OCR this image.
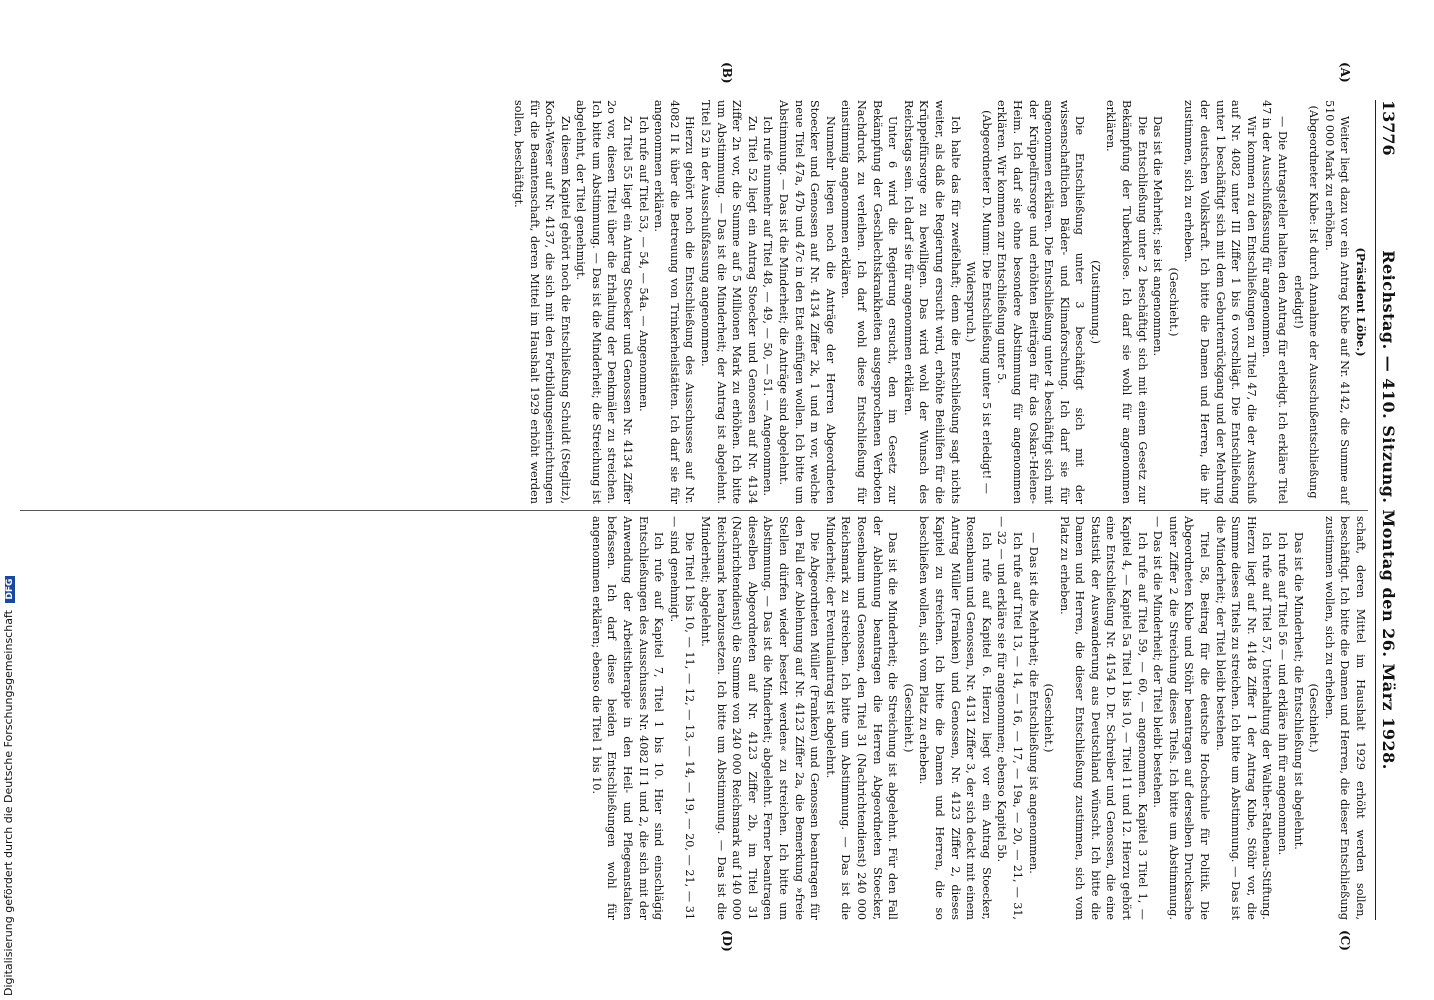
13776
Reichstag. — 410. Sitzung. Montag den 26. März 1928.
(A)
(B)
(C)
(D)

(Präsident Löbe.)

Weiter liegt dazu vor ein Antrag Kube auf Nr. 4142, die Summe auf 510 000 Mark zu erhöhen.

(Abgeordneter Kube: Ist durch Annahme der Ausschußentschließung erledigt!)

— Die Antragsteller halten den Antrag für erledigt. Ich erkläre Titel 47 in der Ausschußfassung für angenommen.

Wir kommen zu den Entschließungen zu Titel 47, die der Ausschuß auf Nr. 4082 unter III Ziffer 1 bis 6 vorschlägt. Die Entschließung unter 1 beschäftigt sich mit dem Geburtenrückgang und der Mehrung der deutschen Volkskraft. Ich bitte die Damen und Herren, die ihr zustimmen, sich zu erheben.

(Geschieht.)

Das ist die Mehrheit; sie ist angenommen.

Die Entschließung unter 2 beschäftigt sich mit einem Gesetz zur Bekämpfung der Tuberkulose. Ich darf sie wohl für angenommen erklären.

(Zustimmung.)

Die Entschließung unter 3 beschäftigt sich mit der wissenschaftlichen Bäder- und Klimaforschung. Ich darf sie für angenommen erklären. Die Entschließung unter 4 beschäftigt sich mit der Krüppelfürsorge und erhöhten Beiträgen für das Oskar-Helene-Heim. Ich darf sie ohne besondere Abstimmung für angenommen erklären. Wir kommen zur Entschließung unter 5.

(Abgeordneter D. Mumm: Die Entschließung unter 5 ist erledigt! — Widerspruch.)

Ich halte das für zweifelhaft; denn die Entschließung sagt nichts weiter, als daß die Regierung ersucht wird, erhöhte Beihilfen für die Krüppelfürsorge zu bewilligen. Das wird wohl der Wunsch des Reichstags sein. Ich darf sie für angenommen erklären.

Unter 6 wird die Regierung ersucht, den im Gesetz zur Bekämpfung der Geschlechtskrankheiten ausgesprochenen Verboten Nachdruck zu verleihen. Ich darf wohl diese Entschließung für einstimmig angenommen erklären.

Nunmehr liegen noch die Anträge der Herren Abgeordneten Stoecker und Genossen auf Nr. 4134 Ziffer 2k, 1 und m vor, welche neue Titel 47a, 47b und 47c in den Etat einfügen wollen. Ich bitte um Abstimmung. — Das ist die Minderheit; die Anträge sind abgelehnt.

Ich rufe nunmehr auf Titel 48, — 49, — 50, — 51. — Angenommen.

Zu Titel 52 liegt ein Antrag Stoecker und Genossen auf Nr. 4134 Ziffer 2n vor, die Summe auf 5 Millionen Mark zu erhöhen. Ich bitte um Abstimmung. — Das ist die Minderheit; der Antrag ist abgelehnt. Titel 52 in der Ausschußfassung angenommen.

Hierzu gehört noch die Entschließung des Ausschusses auf Nr. 4082 II k über die Betreuung von Trinkerheilstätten. Ich darf sie für angenommen erklären.

Ich rufe auf Titel 53, — 54, — 54a. — Angenommen.

Zu Titel 55 liegt ein Antrag Stoecker und Genossen Nr. 4134 Ziffer 2o vor, diesen Titel über die Erhaltung der Denkmäler zu streichen. Ich bitte um Abstimmung. — Das ist die Minderheit; die Streichung ist abgelehnt, der Titel genehmigt.

Zu diesem Kapitel gehört noch die Entschließung Schuldt (Steglitz), Koch-Weser auf Nr. 4137, die sich mit den Fortbildungseinrichtungen für die Beamtenschaft, deren Mittel im Haushalt 1929 erhöht werden sollen, beschäftigt.

schaft, deren Mittel im Haushalt 1929 erhöht werden sollen, beschäftigt. Ich bitte die Damen und Herren, die dieser Entschließung zustimmen wollen, sich zu erheben.

(Geschieht.)

Das ist die Minderheit; die Entschließung ist abgelehnt.

Ich rufe auf Titel 56 — und erkläre ihn für angenommen.

Ich rufe auf Titel 57, Unterhaltung der Walther-Rathenau-Stiftung. Hierzu liegt auf Nr. 4148 Ziffer 1 der Antrag Kube, Stöhr vor, die Summe dieses Titels zu streichen. Ich bitte um Abstimmung. — Das ist die Minderheit; der Titel bleibt bestehen.

Titel 58, Beitrag für die deutsche Hochschule für Politik. Die Abgeordneten Kube und Stöhr beantragen auf derselben Drucksache unter Ziffer 2 die Streichung dieses Titels. Ich bitte um Abstimmung. — Das ist die Minderheit; der Titel bleibt bestehen.

Ich rufe auf Titel 59, — 60, — angenommen. Kapitel 3 Titel 1, — Kapitel 4, — Kapitel 5a Titel 1 bis 10, — Titel 11 und 12. Hierzu gehört eine Entschließung Nr. 4154 D. Dr. Schreiber und Genossen, die eine Statistik der Auswanderung aus Deutschland wünscht. Ich bitte die Damen und Herren, die dieser Entschließung zustimmen, sich vom Platz zu erheben.

(Geschieht.)

— Das ist die Mehrheit; die Entschließung ist angenommen.

Ich rufe auf Titel 13, — 14, — 16, — 17, — 19a, — 20, — 21, — 31, — 32 — und erkläre sie für angenommen; ebenso Kapitel 5b.

Ich rufe auf Kapitel 6. Hierzu liegt vor ein Antrag Stoecker, Rosenbaum und Genossen, Nr. 4131 Ziffer 3, der sich deckt mit einem Antrag Müller (Franken) und Genossen, Nr. 4123 Ziffer 2, dieses Kapitel zu streichen. Ich bitte die Damen und Herren, die so beschließen wollen, sich vom Platz zu erheben.

(Geschieht.)

Das ist die Minderheit; die Streichung ist abgelehnt. Für den Fall der Ablehnung beantragen die Herren Abgeordneten Stoecker, Rosenbaum und Genossen, den Titel 31 (Nachrichtendienst) 240 000 Reichsmark zu streichen. Ich bitte um Abstimmung. — Das ist die Minderheit; der Eventualantrag ist abgelehnt.

Die Abgeordneten Müller (Franken) und Genossen beantragen für den Fall der Ablehnung auf Nr. 4123 Ziffer 2a, die Bemerkung »freie Stellen dürfen wieder besetzt werden« zu streichen. Ich bitte um Abstimmung. — Das ist die Minderheit; abgelehnt. Ferner beantragen dieselben Abgeordneten auf Nr. 4123 Ziffer 2b, im Titel 31 (Nachrichtendienst) die Summe von 240 000 Reichsmark auf 140 000 Reichsmark herabzusetzen. Ich bitte um Abstimmung. — Das ist die Minderheit; abgelehnt.

Die Titel 1 bis 10, — 11, — 12, — 13, — 14, — 19, — 20, — 21, — 31 — sind genehmigt.

Ich rufe auf Kapitel 7, Titel 1 bis 10. Hier sind einschlägig Entschließungen des Ausschusses Nr. 4082 II 1 und 2, die sich mit der Anwendung der Arbeitstherapie in den Heil- und Pflegeanstalten befassen. Ich darf diese beiden Entschließungen wohl für angenommen erklären; ebenso die Titel 1 bis 10.

Digitalisierung gefördert durch die Deutsche Forschungsgemeinschaft DFG
